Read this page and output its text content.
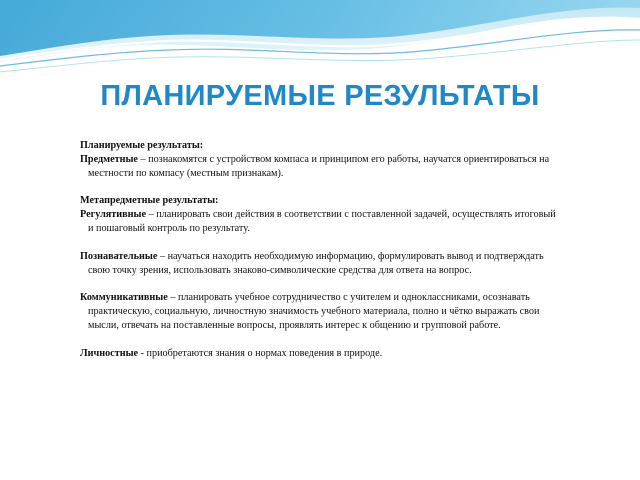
ПЛАНИРУЕМЫЕ РЕЗУЛЬТАТЫ

Планируемые результаты:

Предметные – познакомятся с устройством компаса и принципом его работы, научатся ориентироваться на местности по компасу (местным признакам).

Метапредметные результаты:

Регулятивные – планировать свои действия в соответствии с поставленной задачей, осуществлять итоговый и пошаговый контроль по результату.

Познавательные – научаться находить необходимую информацию, формулировать вывод и подтверждать свою точку зрения, использовать знаково-символические средства для ответа на вопрос.

Коммуникативные – планировать учебное сотрудничество с учителем и одноклассниками, осознавать практическую, социальную, личностную значимость учебного материала, полно и чётко выражать свои мысли, отвечать на поставленные вопросы, проявлять интерес к общению и групповой работе.

Личностные - приобретаются знания о нормах поведения в природе.
